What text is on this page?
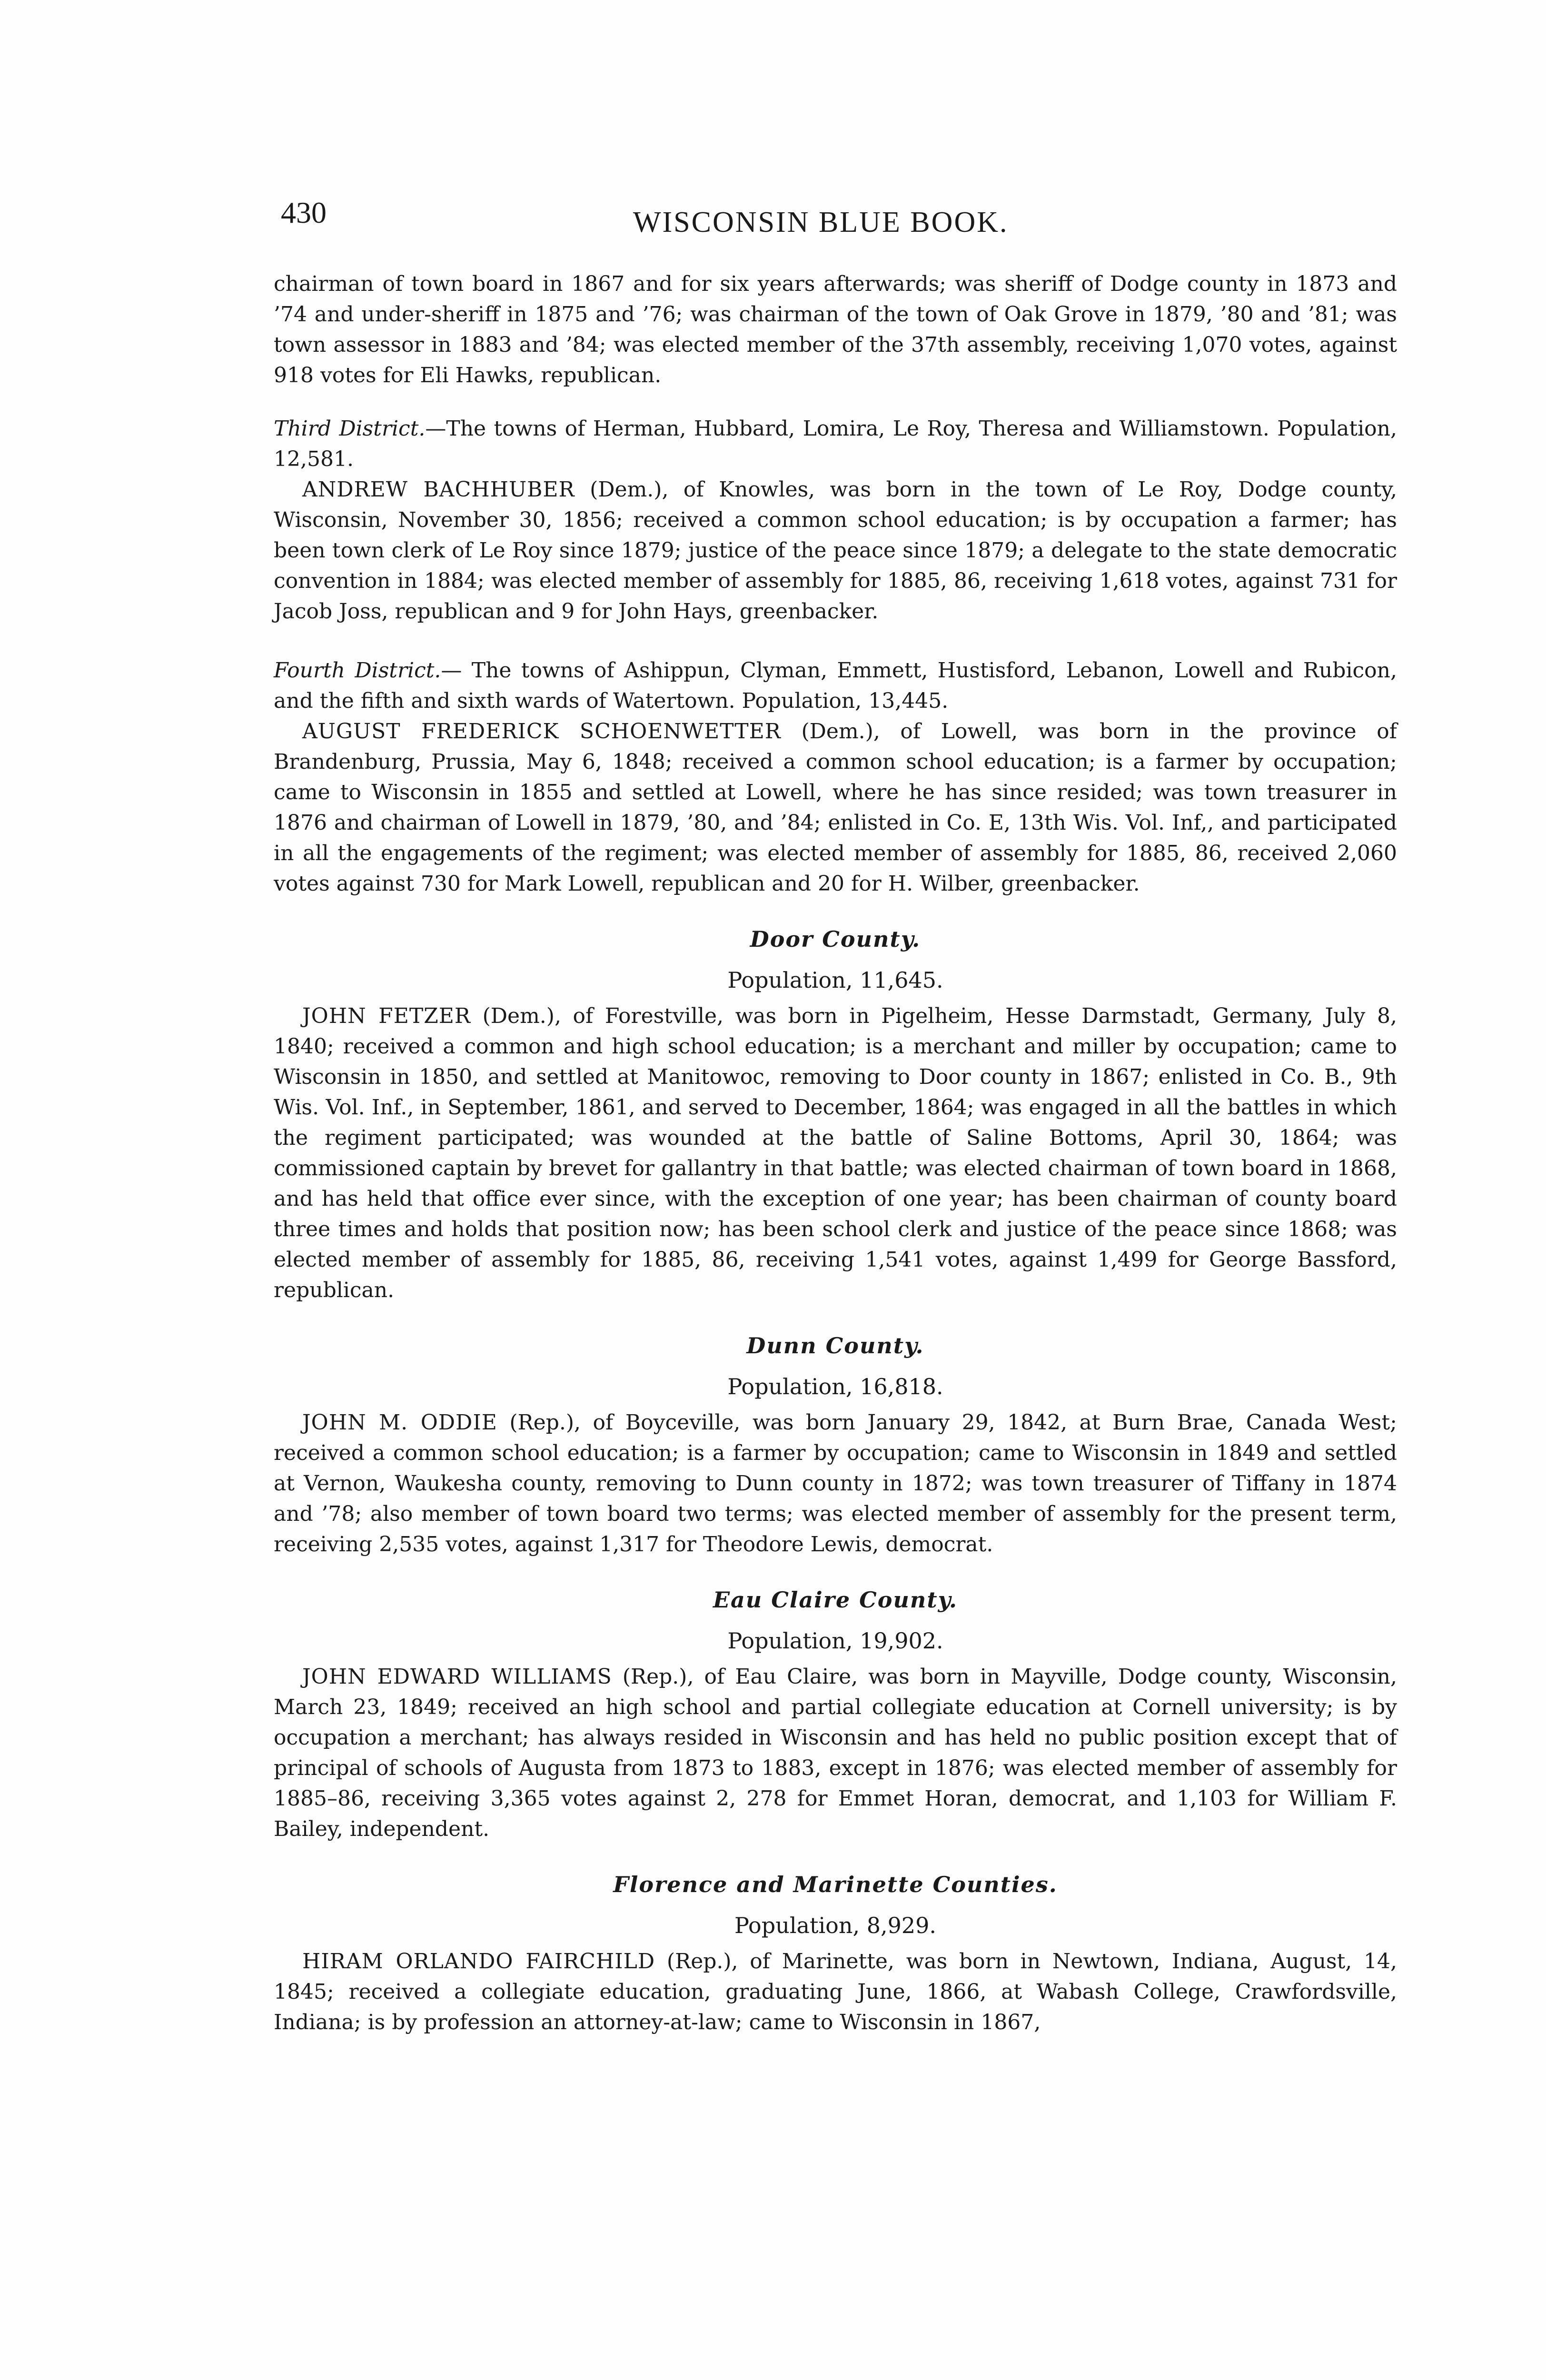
430	WISCONSIN BLUE BOOK.

chairman of town board in 1867 and for six years afterwards; was sheriff of Dodge county in 1873 and ’74 and under-sheriff in 1875 and ’76; was chairman of the town of Oak Grove in 1879, ’80 and ’81; was town assessor in 1883 and ’84; was elected member of the 37th assembly, receiving 1,070 votes, against 918 votes for Eli Hawks, republican.

Third District.—The towns of Herman, Hubbard, Lomira, Le Roy, Theresa and Williamstown. Population, 12,581.

ANDREW BACHHUBER (Dem.), of Knowles, was born in the town of Le Roy, Dodge county, Wisconsin, November 30, 1856; received a common school education; is by occupation a farmer; has been town clerk of Le Roy since 1879; justice of the peace since 1879; a delegate to the state democratic convention in 1884; was elected member of assembly for 1885, 86, receiving 1,618 votes, against 731 for Jacob Joss, republican and 9 for John Hays, greenbacker.

Fourth District.— The towns of Ashippun, Clyman, Emmett, Hustisford, Lebanon, Lowell and Rubicon, and the fifth and sixth wards of Watertown. Population, 13,445.

AUGUST FREDERICK SCHOENWETTER (Dem.), of Lowell, was born in the province of Brandenburg, Prussia, May 6, 1848; received a common school education; is a farmer by occupation; came to Wisconsin in 1855 and settled at Lowell, where he has since resided; was town treasurer in 1876 and chairman of Lowell in 1879, ’80, and ’84; enlisted in Co. E, 13th Wis. Vol. Inf,, and participated in all the engagements of the regiment; was elected member of assembly for 1885, 86, received 2,060 votes against 730 for Mark Lowell, republican and 20 for H. Wilber, greenbacker.

Door County.
Population, 11,645.

JOHN FETZER (Dem.), of Forestville, was born in Pigelheim, Hesse Darmstadt, Germany, July 8, 1840; received a common and high school education; is a merchant and miller by occupation; came to Wisconsin in 1850, and settled at Manitowoc, removing to Door county in 1867; enlisted in Co. B., 9th Wis. Vol. Inf., in September, 1861, and served to December, 1864; was engaged in all the battles in which the regiment participated; was wounded at the battle of Saline Bottoms, April 30, 1864; was commissioned captain by brevet for gallantry in that battle; was elected chairman of town board in 1868, and has held that office ever since, with the exception of one year; has been chairman of county board three times and holds that position now; has been school clerk and justice of the peace since 1868; was elected member of assembly for 1885, 86, receiving 1,541 votes, against 1,499 for George Bassford, republican.

Dunn County.
Population, 16,818.

JOHN M. ODDIE (Rep.), of Boyceville, was born January 29, 1842, at Burn Brae, Canada West; received a common school education; is a farmer by occupation; came to Wisconsin in 1849 and settled at Vernon, Waukesha county, removing to Dunn county in 1872; was town treasurer of Tiffany in 1874 and ’78; also member of town board two terms; was elected member of assembly for the present term, receiving 2,535 votes, against 1,317 for Theodore Lewis, democrat.

Eau Claire County.
Population, 19,902.

JOHN EDWARD WILLIAMS (Rep.), of Eau Claire, was born in Mayville, Dodge county, Wisconsin, March 23, 1849; received an high school and partial collegiate education at Cornell university; is by occupation a merchant; has always resided in Wisconsin and has held no public position except that of principal of schools of Augusta from 1873 to 1883, except in 1876; was elected member of assembly for 1885–86, receiving 3,365 votes against 2, 278 for Emmet Horan, democrat, and 1,103 for William F. Bailey, independent.

Florence and Marinette Counties.
Population, 8,929.

HIRAM ORLANDO FAIRCHILD (Rep.), of Marinette, was born in Newtown, Indiana, August, 14, 1845; received a collegiate education, graduating June, 1866, at Wabash College, Crawfordsville, Indiana; is by profession an attorney-at-law; came to Wisconsin in 1867,
